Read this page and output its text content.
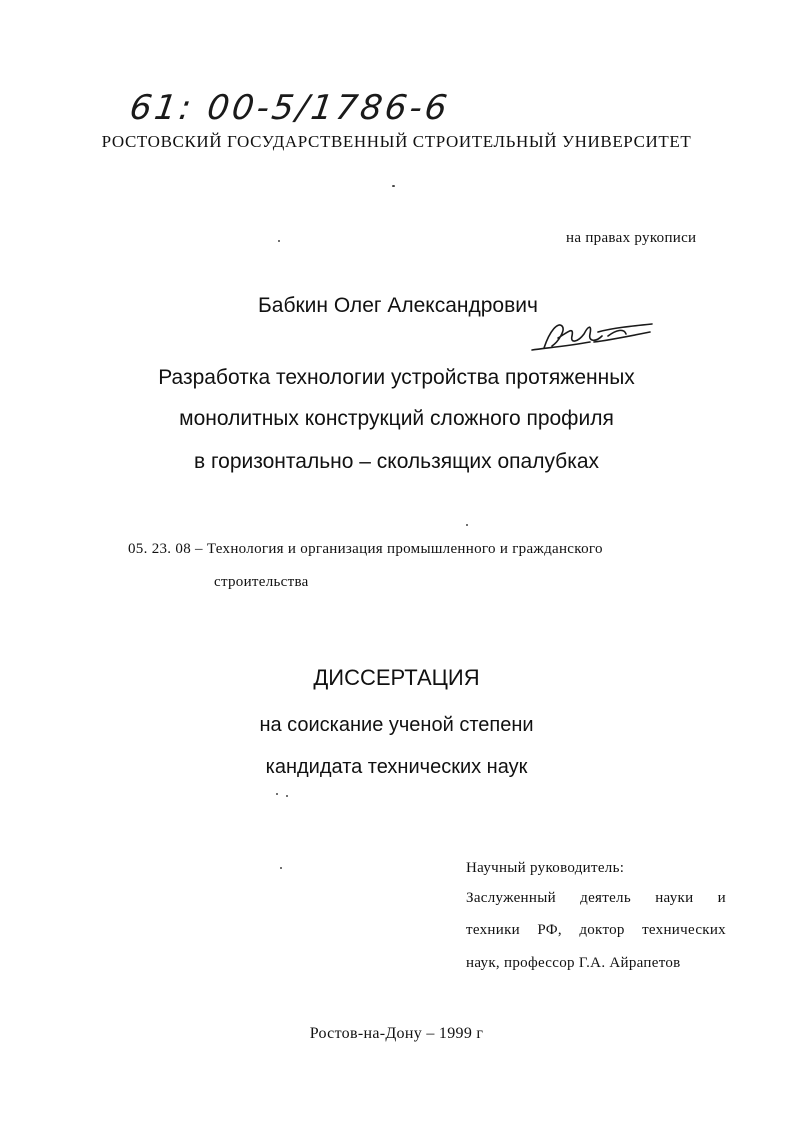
61: 00-5/1786-6
РОСТОВСКИЙ ГОСУДАРСТВЕННЫЙ СТРОИТЕЛЬНЫЙ УНИВЕРСИТЕТ
на правах рукописи
Бабкин Олег Александрович
Разработка технологии устройства протяженных
монолитных конструкций сложного профиля
в горизонтально – скользящих опалубках
05. 23. 08 – Технология и организация промышленного и гражданского
строительства
ДИССЕРТАЦИЯ
на соискание ученой степени
кандидата технических наук
Научный руководитель:
Заслуженный деятель науки и
техники РФ, доктор технических
наук, профессор Г.А. Айрапетов
Ростов-на-Дону – 1999 г
